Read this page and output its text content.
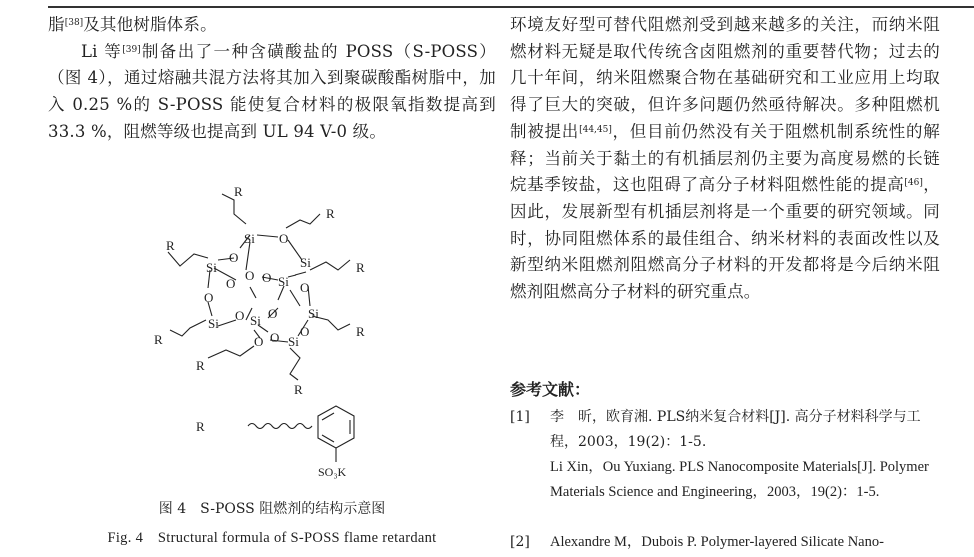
脂[38]及其他树脂体系。

Li 等[39]制备出了一种含磺酸盐的 POSS（S-POSS）（图 4），通过熔融共混方法将其加入到聚碳酸酯树脂中，加入 0.25 %的 S-POSS 能使复合材料的极限氧指数提高到 33.3 %，阻燃等级也提高到 UL 94 V-0 级。

Si O
O	Si
Si
O O Si
O	O
O
O Si O
Si
Si
O Si
O O
R
R
R
R
R
R
R
R
R
SO₃K
图 4　S-POSS 阻燃剂的结构示意图
Fig. 4　Structural formula of S-POSS flame retardant

环境友好型可替代阻燃剂受到越来越多的关注，而纳米阻燃材料无疑是取代传统含卤阻燃剂的重要替代物；过去的几十年间，纳米阻燃聚合物在基础研究和工业应用上均取得了巨大的突破，但许多问题仍然亟待解决。多种阻燃机制被提出[44,45]，但目前仍然没有关于阻燃机制系统性的解释；当前关于黏土的有机插层剂仍主要为高度易燃的长链烷基季铵盐，这也阻碍了高分子材料阻燃性能的提高[46]，因此，发展新型有机插层剂将是一个重要的研究领域。同时，协同阻燃体系的最佳组合、纳米材料的表面改性以及新型纳米阻燃剂阻燃高分子材料的开发都将是今后纳米阻燃剂阻燃高分子材料的研究重点。

参考文献：
[1] 李　昕，欧育湘. PLS纳米复合材料[J]. 高分子材料科学与工程，2003，19(2)：1-5.
Li Xin，Ou Yuxiang. PLS Nanocomposite Materials[J]. Polymer Materials Science and Engineering，2003，19(2)：1-5.
[2] Alexandre M，Dubois P. Polymer-layered Silicate Nano-
